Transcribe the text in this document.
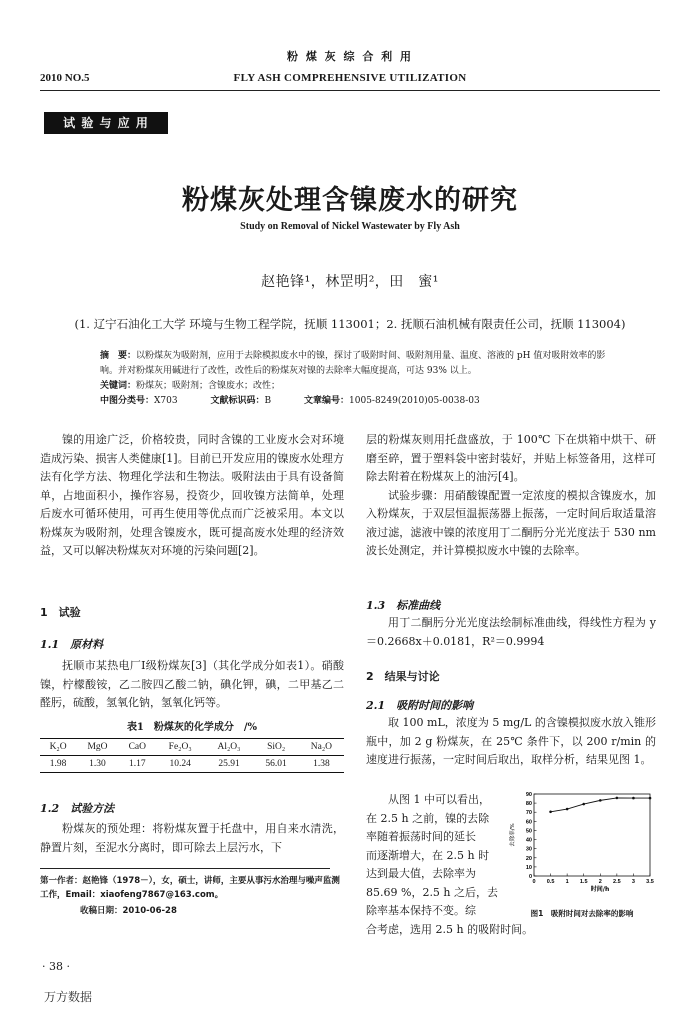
粉 煤 灰 综 合 利 用
2010 NO.5	FLY ASH COMPREHENSIVE UTILIZATION
试 验 与 应 用
粉煤灰处理含镍废水的研究
Study on Removal of Nickel Wastewater by Fly Ash
赵艳锋¹，林罡明²，田　蜜¹
(1. 辽宁石油化工大学 环境与生物工程学院，抚顺 113001；2. 抚顺石油机械有限责任公司，抚顺 113004)
摘　要：以粉煤灰为吸附剂，应用于去除模拟废水中的镍，探讨了吸附时间、吸附剂用量、温度、溶液的 pH 值对吸附效率的影响。并对粉煤灰用碱进行了改性，改性后的粉煤灰对镍的去除率大幅度提高，可达 93% 以上。
关键词：粉煤灰；吸附剂；含镍废水；改性；
中图分类号：X703	文献标识码：B	文章编号：1005-8249(2010)05-0038-03

镍的用途广泛，价格较贵，同时含镍的工业废水会对环境造成污染、损害人类健康[1]。目前已开发应用的镍废水处理方法有化学方法、物理化学法和生物法。吸附法由于具有设备简单，占地面积小，操作容易，投资少，回收镍方法简单，处理后废水可循环使用，可再生使用等优点而广泛被采用。本文以粉煤灰为吸附剂，处理含镍废水，既可提高废水处理的经济效益，又可以解决粉煤灰对环境的污染问题[2]。

1　试验
1.1　原材料

抚顺市某热电厂Ⅰ级粉煤灰[3]（其化学成分如表1）。硝酸镍，柠檬酸铵，乙二胺四乙酸二钠，碘化钾，碘，二甲基乙二醛肟，硫酸，氢氧化钠，氢氧化钙等。

表1　粉煤灰的化学成分　/%
K₂O	MgO	CaO	Fe₂O₃	Al₂O₃	SiO₂	Na₂O
1.98	1.30	1.17	10.24	25.91	56.01	1.38
1.2　试验方法

粉煤灰的预处理：将粉煤灰置于托盘中，用自来水清洗，静置片刻，至泥水分离时，即可除去上层污水，下

第一作者：赵艳锋（1978－），女，硕士，讲师，主要从事污水治理与噪声监测工作，Email：xiaofeng7867@163.com。
收稿日期：2010-06-28

层的粉煤灰则用托盘盛放，于 100℃ 下在烘箱中烘干、研磨至碎，置于塑料袋中密封装好，并贴上标签备用，这样可除去附着在粉煤灰上的油污[4]。

试验步骤：用硝酸镍配置一定浓度的模拟含镍废水，加入粉煤灰，于双层恒温振荡器上振荡，一定时间后取适量溶液过滤，滤液中镍的浓度用丁二酮肟分光光度法于 530 nm 波长处测定，并计算模拟废水中镍的去除率。

1.3　标准曲线

用丁二酮肟分光光度法绘制标准曲线，得线性方程为 y＝0.2668x＋0.0181，R²＝0.9994

2　结果与讨论
2.1　吸附时间的影响

取 100 mL，浓度为 5 mg/L 的含镍模拟废水放入锥形瓶中，加 2 g 粉煤灰，在 25℃ 条件下，以 200 r/min 的速度进行振荡，一定时间后取出，取样分析，结果见图 1。

从图 1 中可以看出，
在 2.5 h 之前，镍的去除
率随着振荡时间的延长
而逐渐增大，在 2.5 h 时
达到最大值，去除率为
85.69 %，2.5 h 之后，去
除率基本保持不变。综
合考虑，选用 2.5 h 的吸附时间。
0
10
20
30
40
50
60
70
80
90
0 0.5 1 1.5 2 2.5 3 3.5
时间/h
去除率/%
图1　吸附时间对去除率的影响
· 38 ·
万方数据
